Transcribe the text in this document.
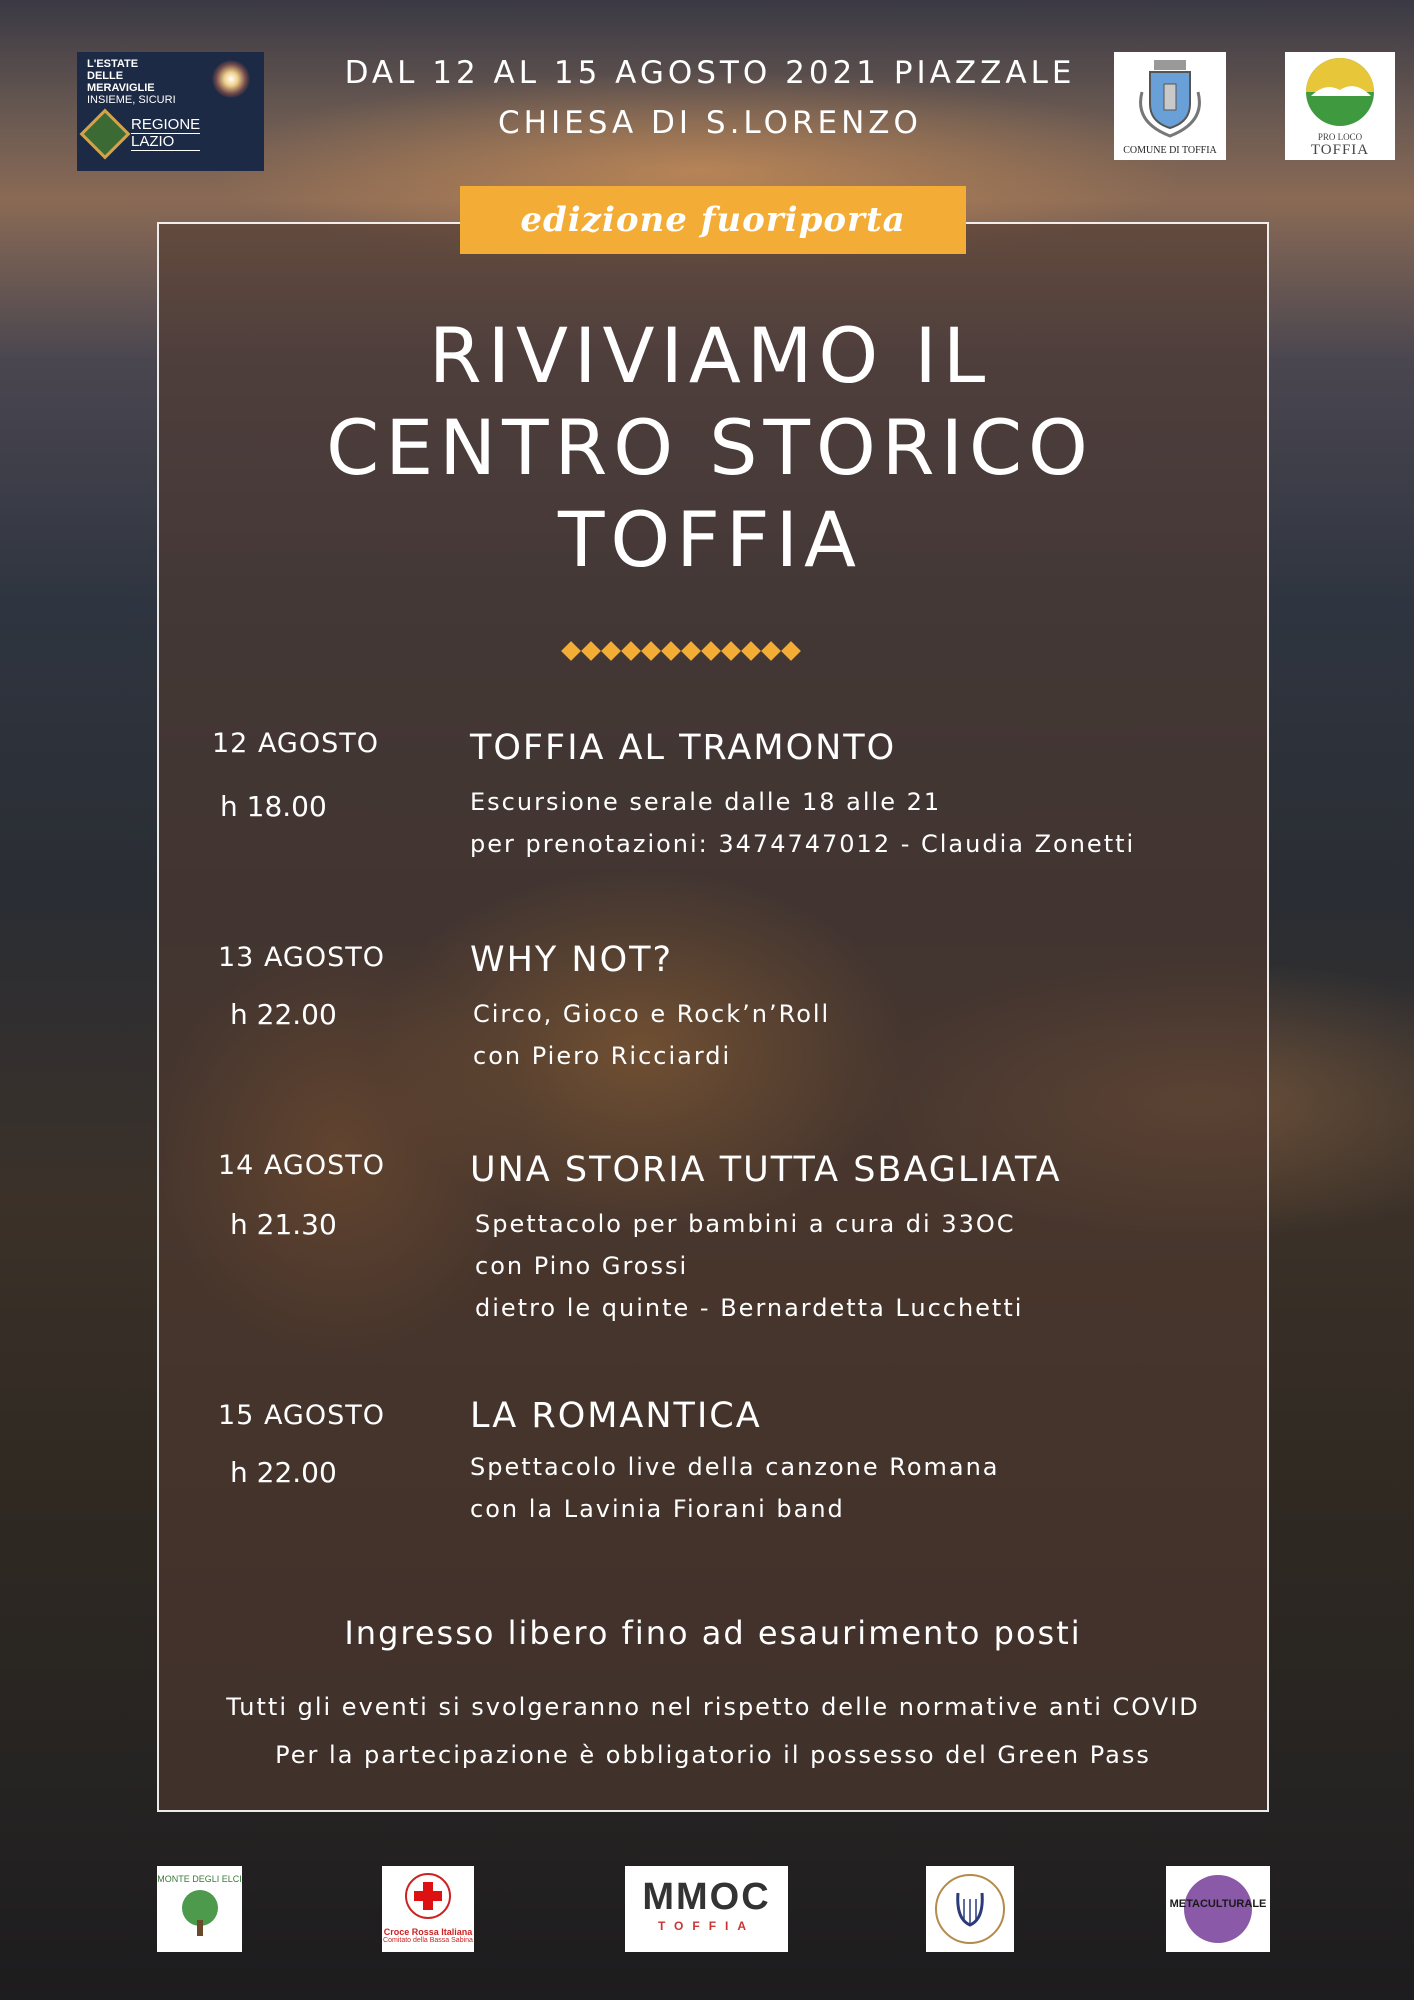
L'ESTATE
DELLE
MERAVIGLIE
INSIEME, SICURI
REGIONE
LAZIO
DAL 12 AL 15 AGOSTO 2021 PIAZZALE
CHIESA DI S.LORENZO
COMUNE DI TOFFIA
PRO LOCO
TOFFIA
edizione fuoriporta
RIVIVIAMO IL
CENTRO STORICO
TOFFIA
12 AGOSTO
h 18.00
TOFFIA AL TRAMONTO
Escursione serale dalle 18 alle 21
per prenotazioni: 3474747012 - Claudia Zonetti
13 AGOSTO
h 22.00
WHY NOT?
Circo, Gioco e Rock’n’Roll
con Piero Ricciardi
14 AGOSTO
h 21.30
UNA STORIA TUTTA SBAGLIATA
Spettacolo per bambini a cura di 33OC
con Pino Grossi
dietro le quinte - Bernardetta Lucchetti
15 AGOSTO
h 22.00
LA ROMANTICA
Spettacolo live della canzone Romana
con la Lavinia Fiorani band
Ingresso libero fino ad esaurimento posti
Tutti gli eventi si svolgeranno nel rispetto delle normative anti COVID
Per la partecipazione è obbligatorio il possesso del Green Pass
MONTE DEGLI ELCI
Croce Rossa Italiana
Comitato della Bassa Sabina
MMOC
TOFFIA
METACULTURALE
